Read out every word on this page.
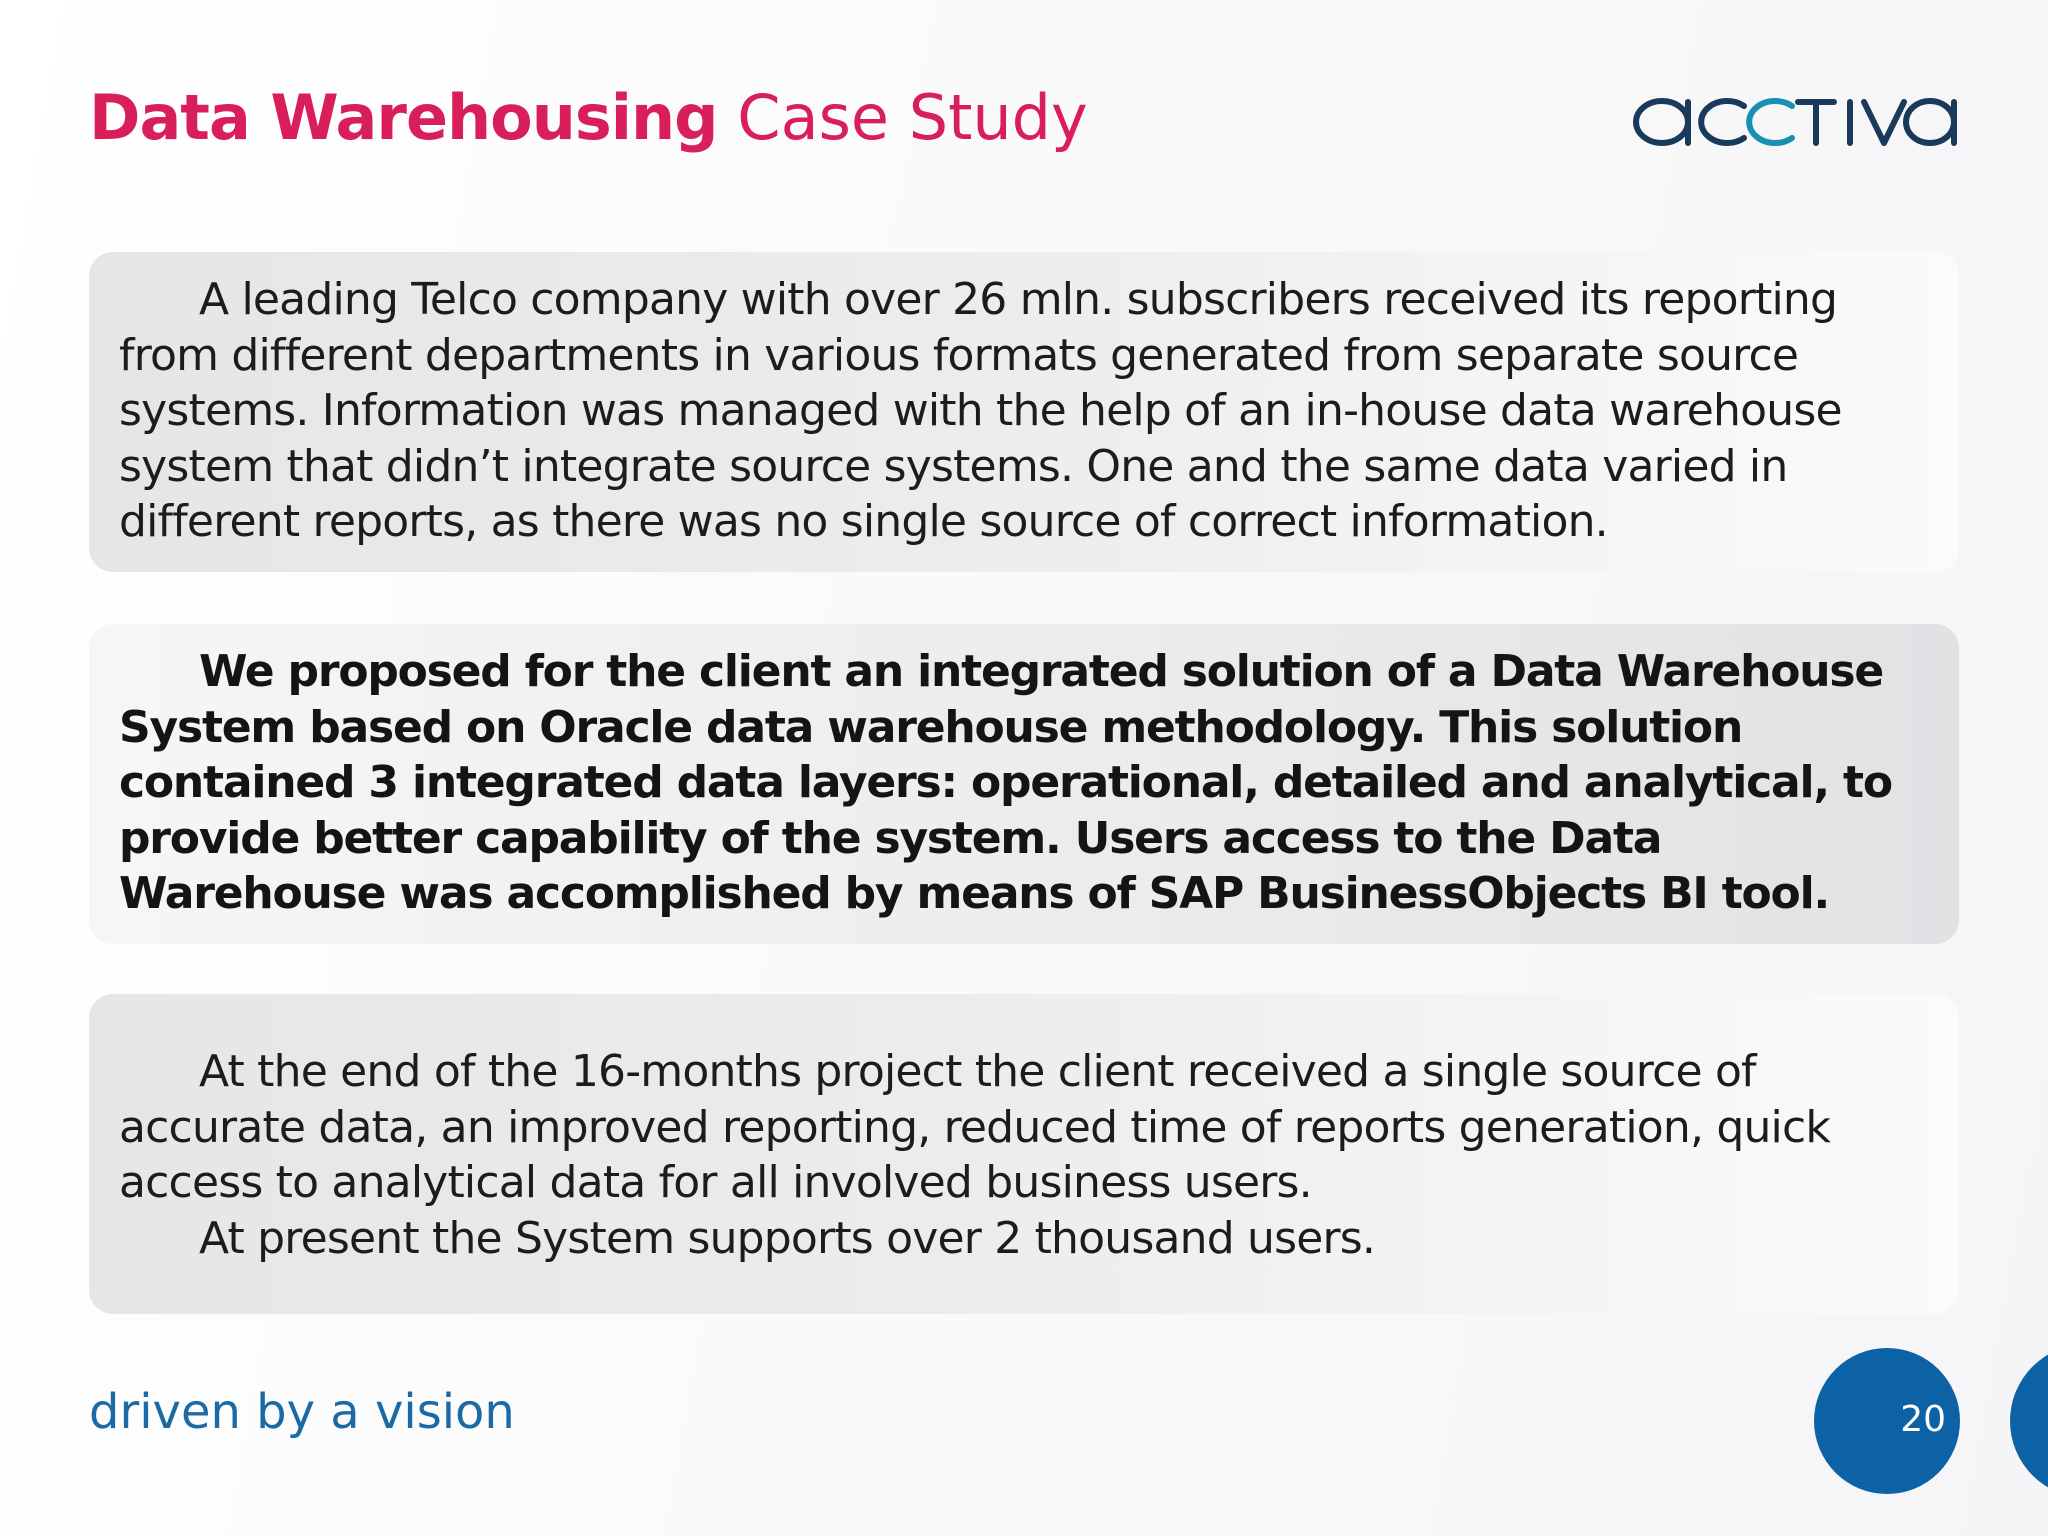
Data Warehousing Case Study

A leading Telco company with over 26 mln. subscribers received its reporting from different departments in various formats generated from separate source systems. Information was managed with the help of an in-house data warehouse system that didn’t integrate source systems. One and the same data varied in different reports, as there was no single source of correct information.

We proposed for the client an integrated solution of a Data Warehouse System based on Oracle data warehouse methodology. This solution contained 3 integrated data layers: operational, detailed and analytical, to provide better capability of the system. Users access to the Data Warehouse was accomplished by means of SAP BusinessObjects BI tool.

At the end of the 16-months project the client received a single source of accurate data, an improved reporting, reduced time of reports generation, quick access to analytical data for all involved business users.

At present the System supports over 2 thousand users.

driven by a vision	20
